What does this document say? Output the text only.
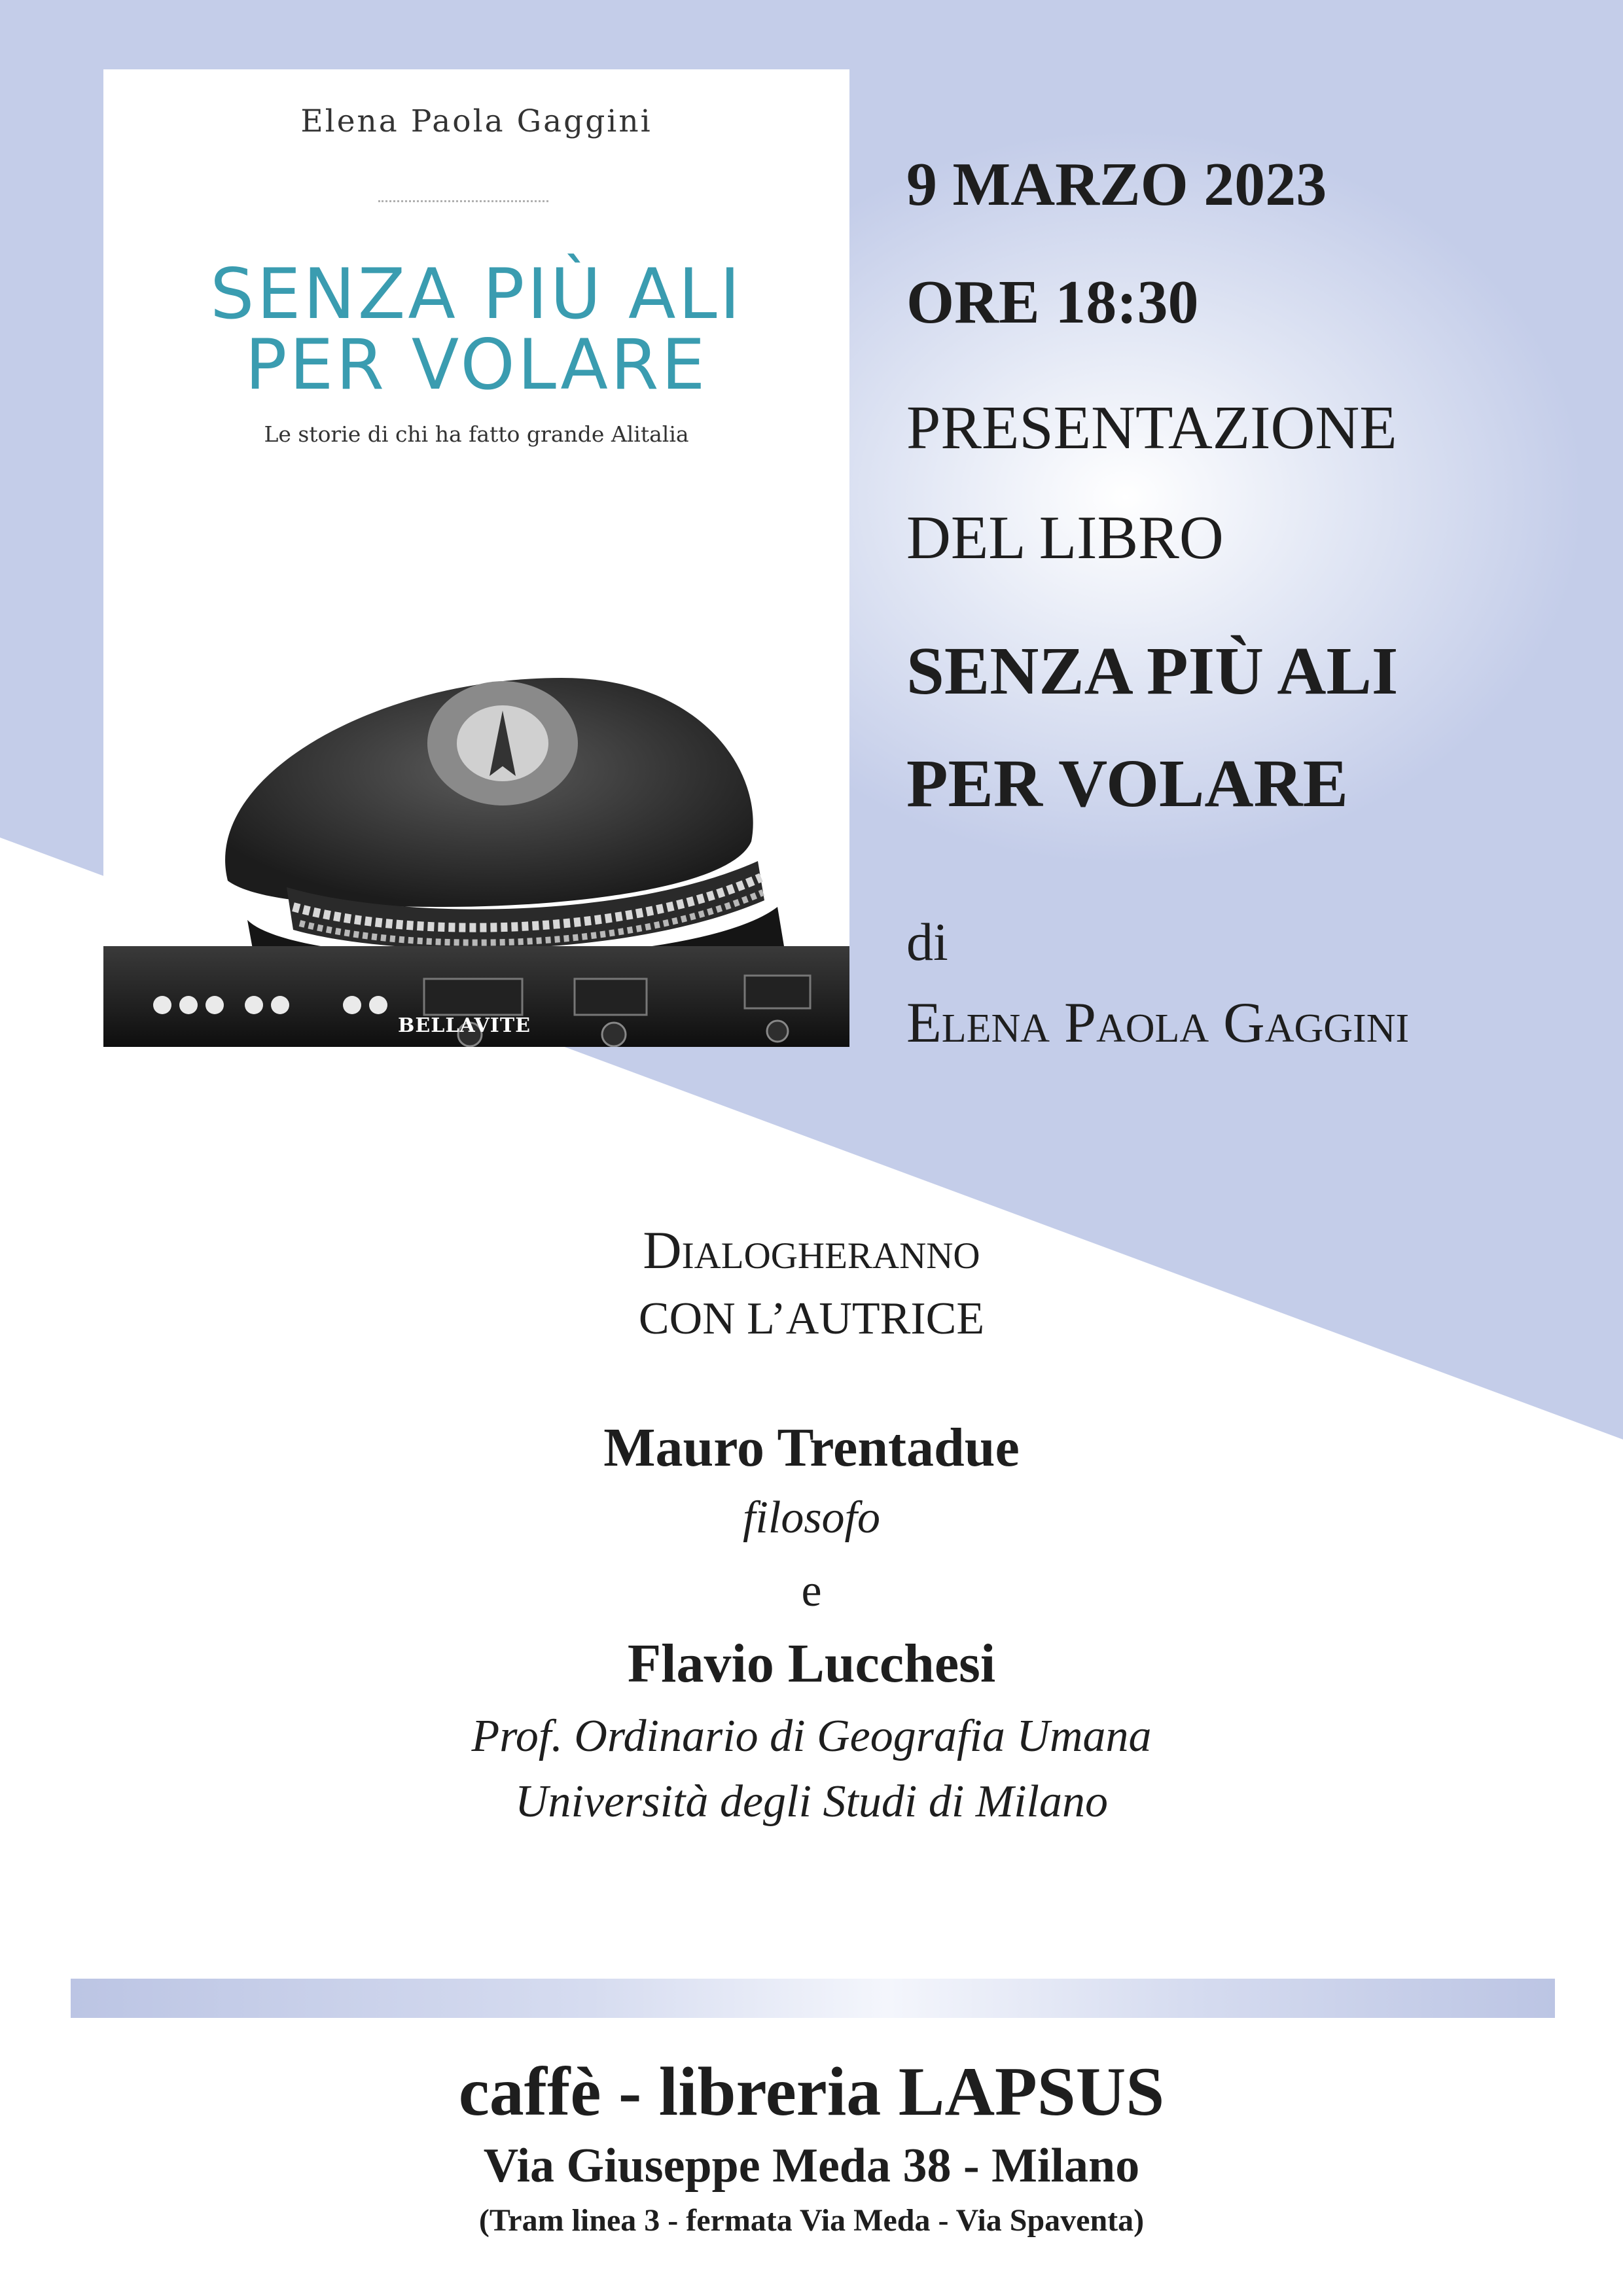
Elena Paola Gaggini
SENZA PIÙ ALI
PER VOLARE
Le storie di chi ha fatto grande Alitalia
BELLAVITE
9 MARZO 2023
ORE 18:30
PRESENTAZIONE
DEL LIBRO
SENZA PIÙ ALI
PER VOLARE
di
Elena Paola Gaggini
Dialogheranno
CON L’AUTRICE
Mauro Trentadue
filosofo
e
Flavio Lucchesi
Prof. Ordinario di Geografia Umana
Università degli Studi di Milano
caffè - libreria LAPSUS
Via Giuseppe Meda 38 - Milano
(Tram linea 3 - fermata Via Meda - Via Spaventa)
